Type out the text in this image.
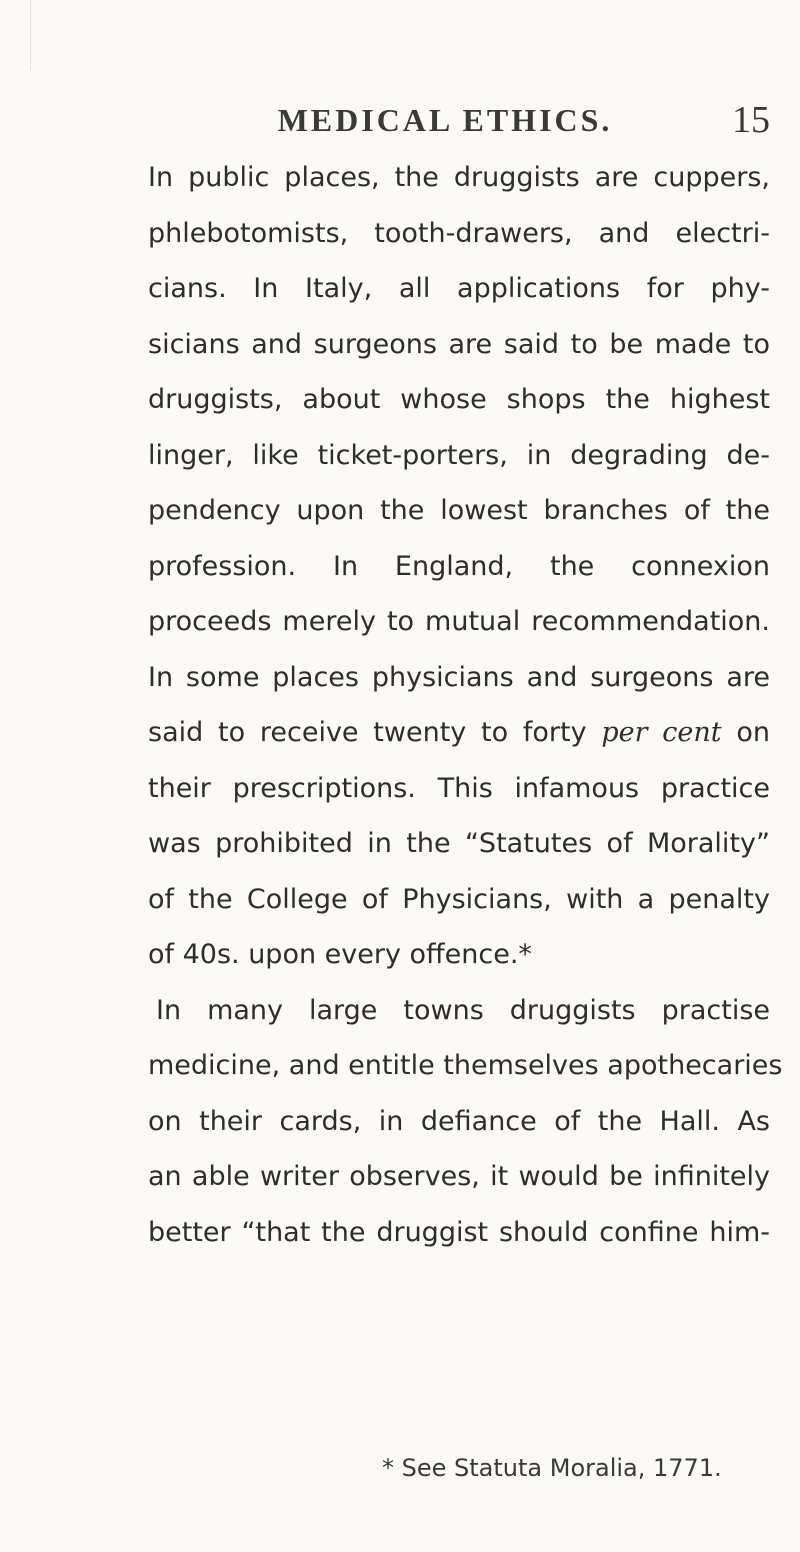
MEDICAL ETHICS.	15
In public places, the druggists are cuppers,
phlebotomists, tooth-drawers, and electri-
cians. In Italy, all applications for phy-
sicians and surgeons are said to be made to
druggists, about whose shops the highest
linger, like ticket-porters, in degrading de-
pendency upon the lowest branches of the
profession. In England, the connexion
proceeds merely to mutual recommendation.
In some places physicians and surgeons are
said to receive twenty to forty per cent on
their prescriptions. This infamous practice
was prohibited in the “Statutes of Morality”
of the College of Physicians, with a penalty
of 40s. upon every offence.*
In many large towns druggists practise
medicine, and entitle themselves apothecaries
on their cards, in defiance of the Hall. As
an able writer observes, it would be infinitely
better “that the druggist should confine him-
* See Statuta Moralia, 1771.
